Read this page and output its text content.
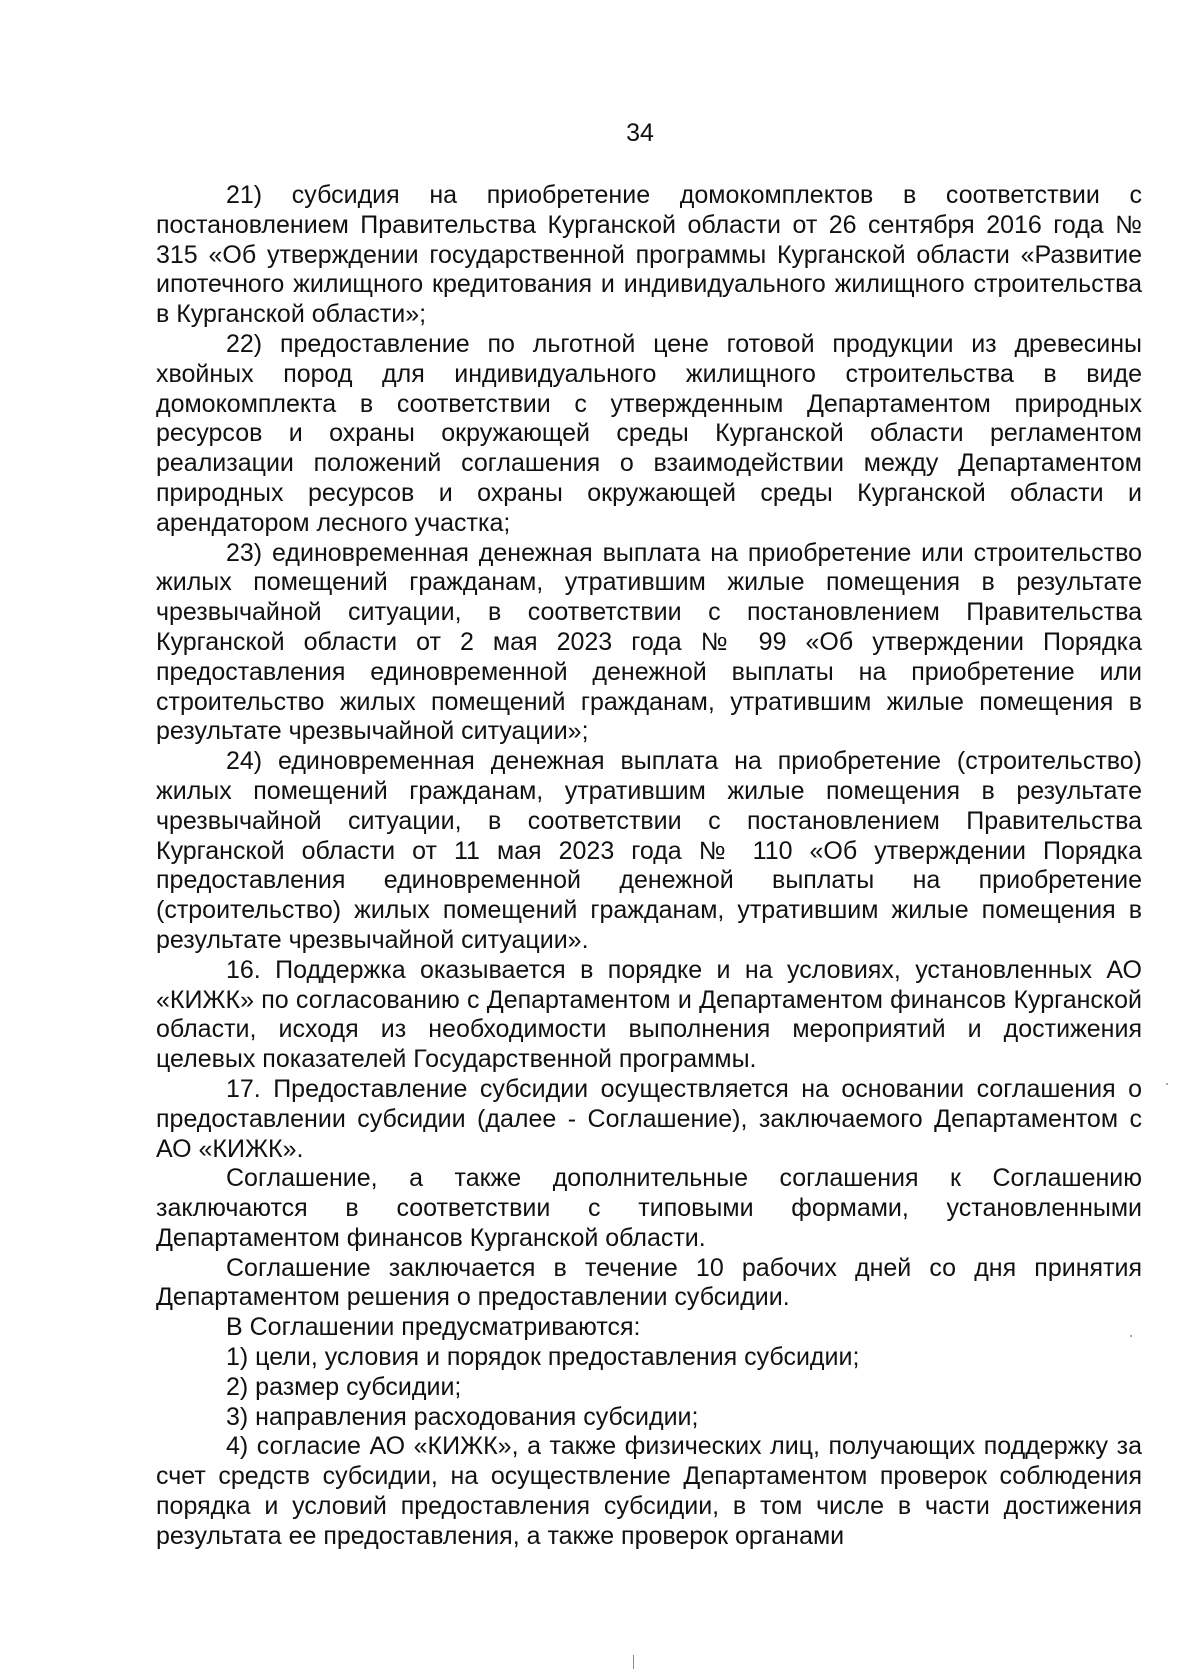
34

21) субсидия на приобретение домокомплектов в соответствии с постановлением Правительства Курганской области от 26 сентября 2016 года № 315 «Об утверждении государственной программы Курганской области «Развитие ипотечного жилищного кредитования и индивидуального жилищного строительства в Курганской области»;

22) предоставление по льготной цене готовой продукции из древесины хвойных пород для индивидуального жилищного строительства в виде домокомплекта в соответствии с утвержденным Департаментом природных ресурсов и охраны окружающей среды Курганской области регламентом реализации положений соглашения о взаимодействии между Департаментом природных ресурсов и охраны окружающей среды Курганской области и арендатором лесного участка;

23) единовременная денежная выплата на приобретение или строительство жилых помещений гражданам, утратившим жилые помещения в результате чрезвычайной ситуации, в соответствии с постановлением Правительства Курганской области от 2 мая 2023 года № 99 «Об утверждении Порядка предоставления единовременной денежной выплаты на приобретение или строительство жилых помещений гражданам, утратившим жилые помещения в результате чрезвычайной ситуации»;

24) единовременная денежная выплата на приобретение (строительство) жилых помещений гражданам, утратившим жилые помещения в результате чрезвычайной ситуации, в соответствии с постановлением Правительства Курганской области от 11 мая 2023 года № 110 «Об утверждении Порядка предоставления единовременной денежной выплаты на приобретение (строительство) жилых помещений гражданам, утратившим жилые помещения в результате чрезвычайной ситуации».

16. Поддержка оказывается в порядке и на условиях, установленных АО «КИЖК» по согласованию с Департаментом и Департаментом финансов Курганской области, исходя из необходимости выполнения мероприятий и достижения целевых показателей Государственной программы.

17. Предоставление субсидии осуществляется на основании соглашения о предоставлении субсидии (далее - Соглашение), заключаемого Департаментом с АО «КИЖК».

Соглашение, а также дополнительные соглашения к Соглашению заключаются в соответствии с типовыми формами, установленными Департаментом финансов Курганской области.

Соглашение заключается в течение 10 рабочих дней со дня принятия Департаментом решения о предоставлении субсидии.

В Соглашении предусматриваются:

1) цели, условия и порядок предоставления субсидии;

2) размер субсидии;

3) направления расходования субсидии;

4) согласие АО «КИЖК», а также физических лиц, получающих поддержку за счет средств субсидии, на осуществление Департаментом проверок соблюдения порядка и условий предоставления субсидии, в том числе в части достижения результата ее предоставления, а также проверок органами
